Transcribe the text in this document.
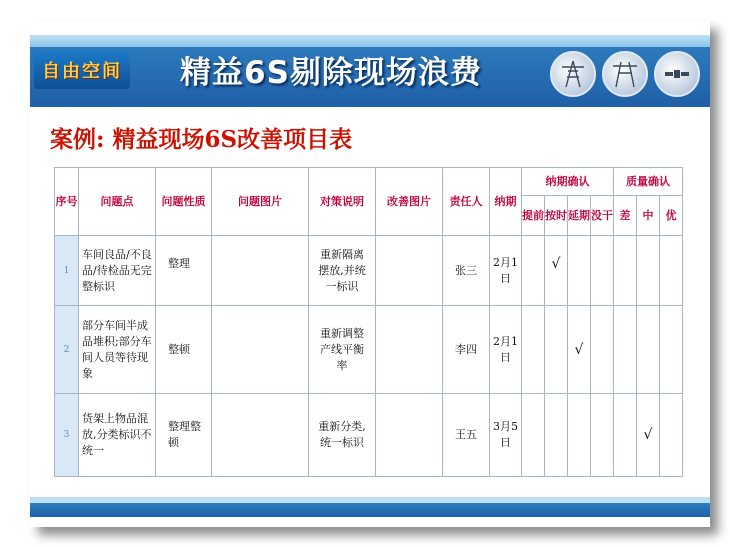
自由空间 精益6S剔除现场浪费
案例: 精益现场6S改善项目表
序号	问题点	问题性质	问题图片	对策说明	改善图片	责任人	纳期	纳期确认				质量确认		
								提前	按时	延期	没干	差	中	优
1	车间良品/不良品/待检品无完整标识	整理		重新隔离摆放,并统一标识		张三	2月1日		√					
2	部分车间半成品堆积;部分车间人员等待现象	整顿		重新调整产线平衡率		李四	2月1日			√				
3	货架上物品混放,分类标识不统一	整理整顿		重新分类,统一标识		王五	3月5日						√	
